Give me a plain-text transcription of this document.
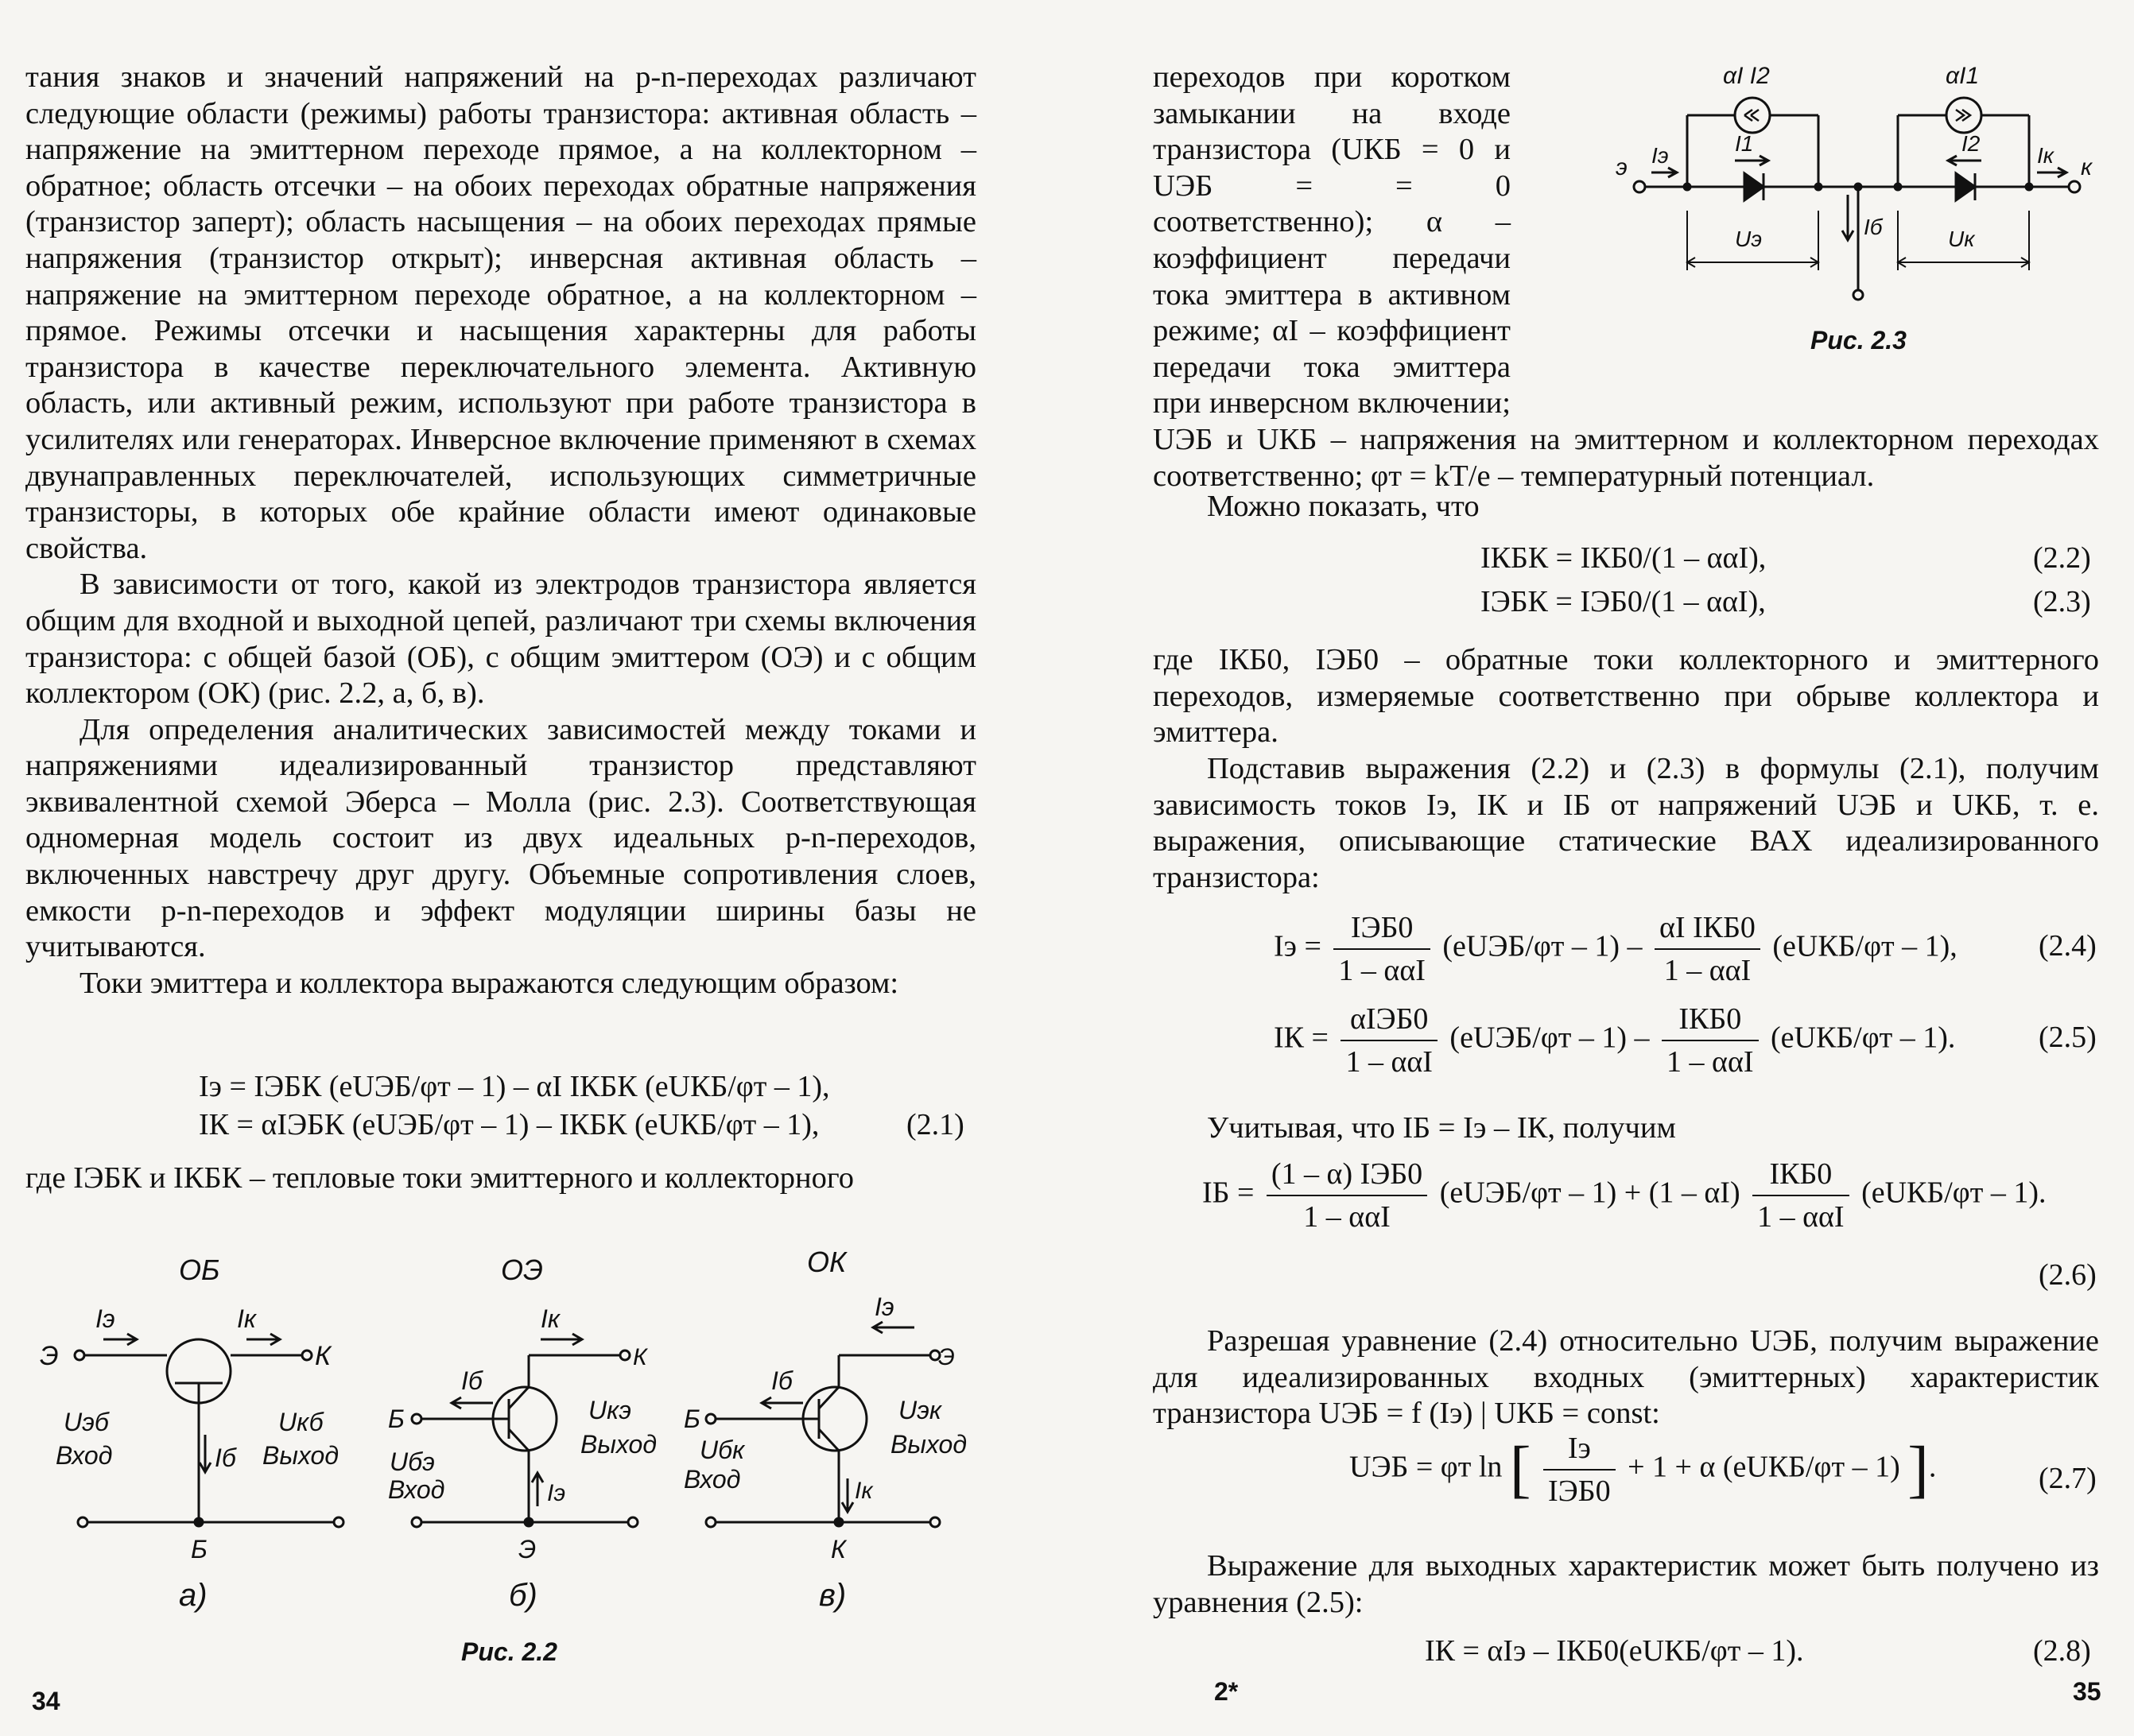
тания знаков и значений напряжений на p-n-переходах различают следующие области (режимы) работы транзистора: активная область – напряжение на эмиттерном переходе прямое, а на коллекторном – обратное; область отсечки – на обоих переходах обратные напряжения (транзистор заперт); область насыщения – на обоих переходах прямые напряжения (транзистор открыт); инверсная активная область – напряжение на эмиттерном переходе обратное, а на коллекторном – прямое. Режимы отсечки и насыщения характерны для работы транзистора в качестве переключательного элемента. Активную область, или активный режим, используют при работе транзистора в усилителях или генераторах. Инверсное включение применяют в схемах двунаправленных переключателей, использующих симметричные транзисторы, в которых обе крайние области имеют одинаковые свойства.

В зависимости от того, какой из электродов транзистора является общим для входной и выходной цепей, различают три схемы включения транзистора: с общей базой (ОБ), с общим эмиттером (ОЭ) и с общим коллектором (ОК) (рис. 2.2, а, б, в).

Для определения аналитических зависимостей между токами и напряжениями идеализированный транзистор представляют эквивалентной схемой Эберса – Молла (рис. 2.3). Соответствующая одномерная модель состоит из двух идеальных p-n-переходов, включенных навстречу друг другу. Объемные сопротивления слоев, емкости p-n-переходов и эффект модуляции ширины базы не учитываются.

Токи эмиттера и коллектора выражаются следующим образом:

Iэ = IЭБК (eUЭБ/φт – 1) – αI IКБК (eUКБ/φт – 1),
IК = αIЭБК (eUЭБ/φт – 1) – IКБК (eUКБ/φт – 1),	(2.1)
где IЭБК и IКБК – тепловые токи эмиттерного и коллекторного
ОБ
Iэ	Iк
Э	К
Uэб
Вход	Iб
Uкб
Выход
Б
а)
ОЭ
Iк
К
Iб
Б	Uкэ
Выход
Uбэ
Вход	Iэ
Э
б)
ОК
Iэ
Э
Iб
Б	Uэк
Выход
Uбк
Вход	Iк
К
в)
Рис. 2.2
34
переходов при коротком замыкании на входе транзистора (UКБ = 0 и UЭБ = = 0 соответственно); α – коэффициент передачи тока эмиттера в активном режиме; αI – коэффициент передачи тока эмиттера при инверсном включении; UЭБ и UКБ – напряжения на эмиттерном и коллекторном переходах соответственно; φт = kT/e – температурный потенциал.
αI I2	αI1
э Iэ	I1	I2	Iк к
Iб
Uэ	Uк
Рис. 2.3
Можно показать, что
IКБК = IКБ0/(1 – ααI),	(2.2)
IЭБК = IЭБ0/(1 – ααI),	(2.3)
где IКБ0, IЭБ0 – обратные токи коллекторного и эмиттерного переходов, измеряемые соответственно при обрыве коллектора и эмиттера.
Подставив выражения (2.2) и (2.3) в формулы (2.1), получим зависимость токов Iэ, IК и IБ от напряжений UЭБ и UКБ, т. е. выражения, описывающие статические ВАХ идеализированного транзистора:
Iэ = $\frac{\text{IЭБ0}}{\text{1 – ααI}}$ (eUЭБ/φт – $1) - \frac{\text{αI IКБ0}}{\text{1 – ααI}}$ (eUКБ/φт – 1),	(2.4)
IК = $\frac{\text{αIЭБ0}}{\text{1 – ααI}}$ (eUЭБ/φт – $1) - \frac{\text{IКБ0}}{\text{1 – ααI}}$ (eUКБ/φт – 1).	(2.5)
Учитывая, что IБ = Iэ – IК, получим
IБ = $\frac{\text{(1 – α) IЭБ0}}{\text{1 – ααI}}$ (eUЭБ/φт – $1) + (1 - \alpha I) \frac{\text{IКБ0}}{\text{1 – ααI}}$ (eUКБ/φт – 1).
(2.6)
Разрешая уравнение (2.4) относительно UЭБ, получим выражение для идеализированных входных (эмиттерных) характеристик транзистора UЭБ = f (Iэ) | UКБ = const:
UЭБ = φт ln [ $\frac{Iэ}{\text{IЭБ0}} + 1 + \alpha$ (eUКБ/φт – 1) ].	(2.7)
Выражение для выходных характеристик может быть получено из уравнения (2.5):
IК = αIэ – IКБ0(eUКБ/φт – 1).	(2.8)
2*	35
